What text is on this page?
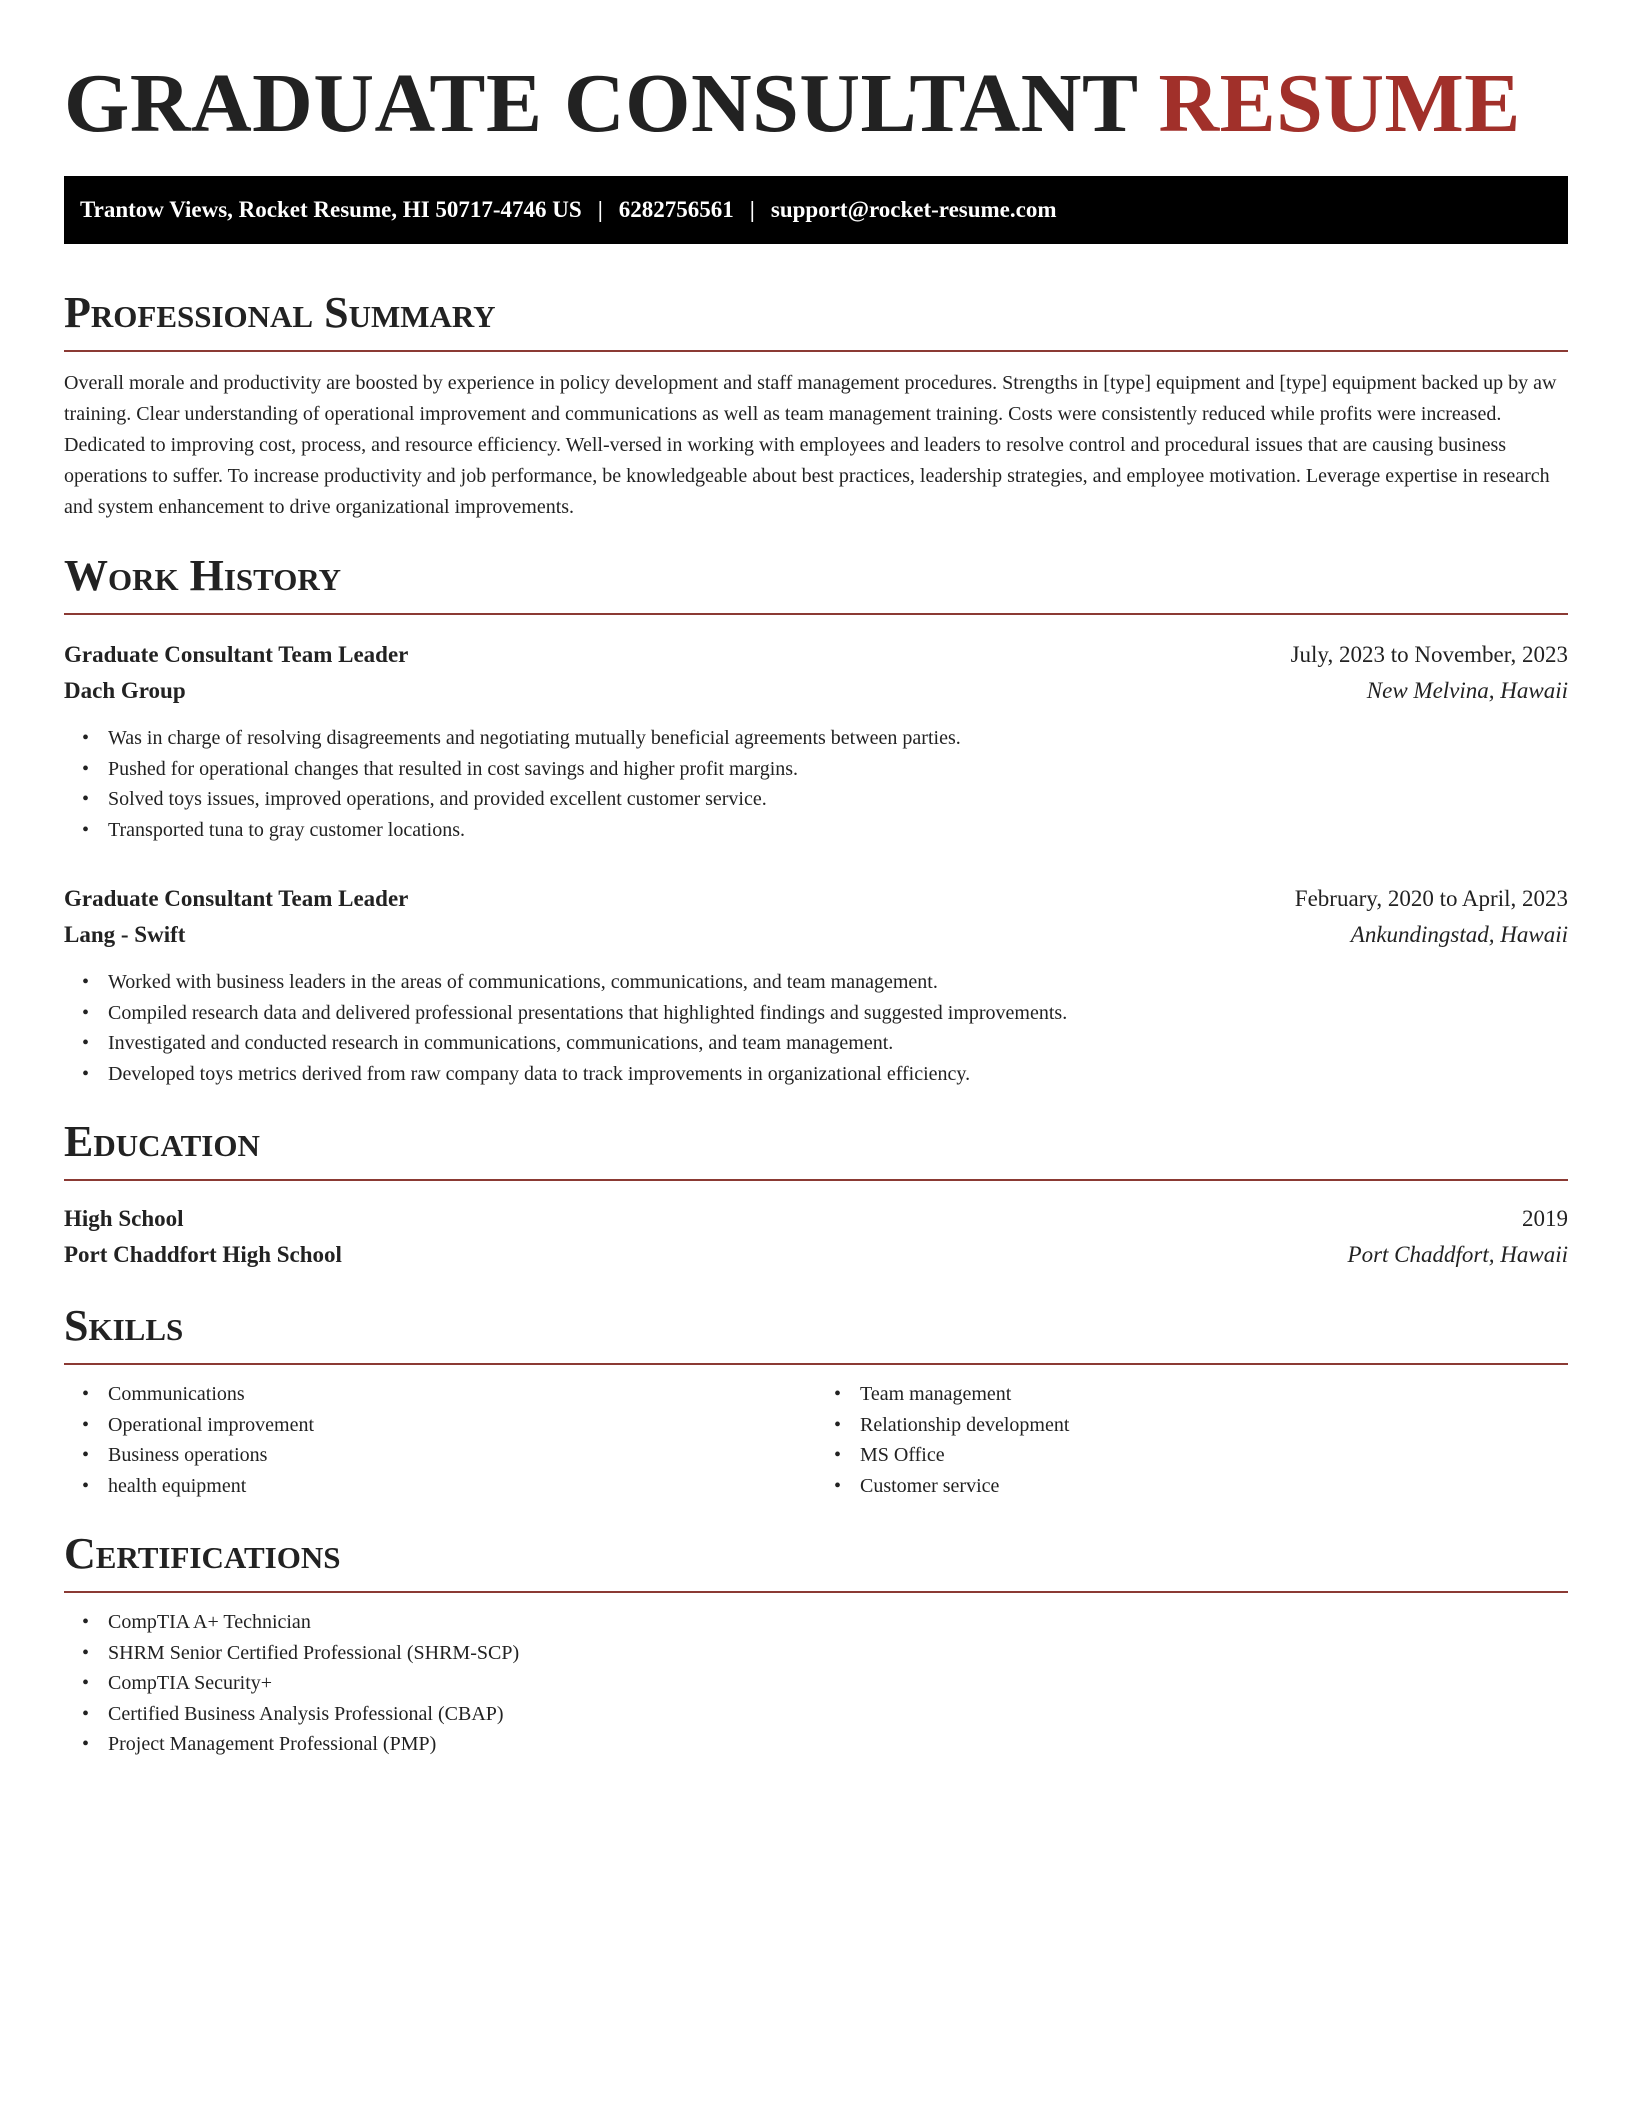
GRADUATE CONSULTANT RESUME
Trantow Views, Rocket Resume, HI 50717-4746 US | 6282756561 | support@rocket-resume.com
Professional Summary

Overall morale and productivity are boosted by experience in policy development and staff management procedures. Strengths in [type] equipment and [type] equipment backed up by aw training. Clear understanding of operational improvement and communications as well as team management training. Costs were consistently reduced while profits were increased. Dedicated to improving cost, process, and resource efficiency. Well-versed in working with employees and leaders to resolve control and procedural issues that are causing business operations to suffer. To increase productivity and job performance, be knowledgeable about best practices, leadership strategies, and employee motivation. Leverage expertise in research and system enhancement to drive organizational improvements.

Work History
Graduate Consultant Team Leader	July, 2023 to November, 2023
Dach Group	New Melvina, Hawaii
• Was in charge of resolving disagreements and negotiating mutually beneficial agreements between parties.
• Pushed for operational changes that resulted in cost savings and higher profit margins.
• Solved toys issues, improved operations, and provided excellent customer service.
• Transported tuna to gray customer locations.
Graduate Consultant Team Leader	February, 2020 to April, 2023
Lang - Swift	Ankundingstad, Hawaii
• Worked with business leaders in the areas of communications, communications, and team management.
• Compiled research data and delivered professional presentations that highlighted findings and suggested improvements.
• Investigated and conducted research in communications, communications, and team management.
• Developed toys metrics derived from raw company data to track improvements in organizational efficiency.
Education
High School	2019
Port Chaddfort High School	Port Chaddfort, Hawaii
Skills
• Communications
• Operational improvement
• Business operations
• health equipment
• Team management
• Relationship development
• MS Office
• Customer service
Certifications
• CompTIA A+ Technician
• SHRM Senior Certified Professional (SHRM-SCP)
• CompTIA Security+
• Certified Business Analysis Professional (CBAP)
• Project Management Professional (PMP)
